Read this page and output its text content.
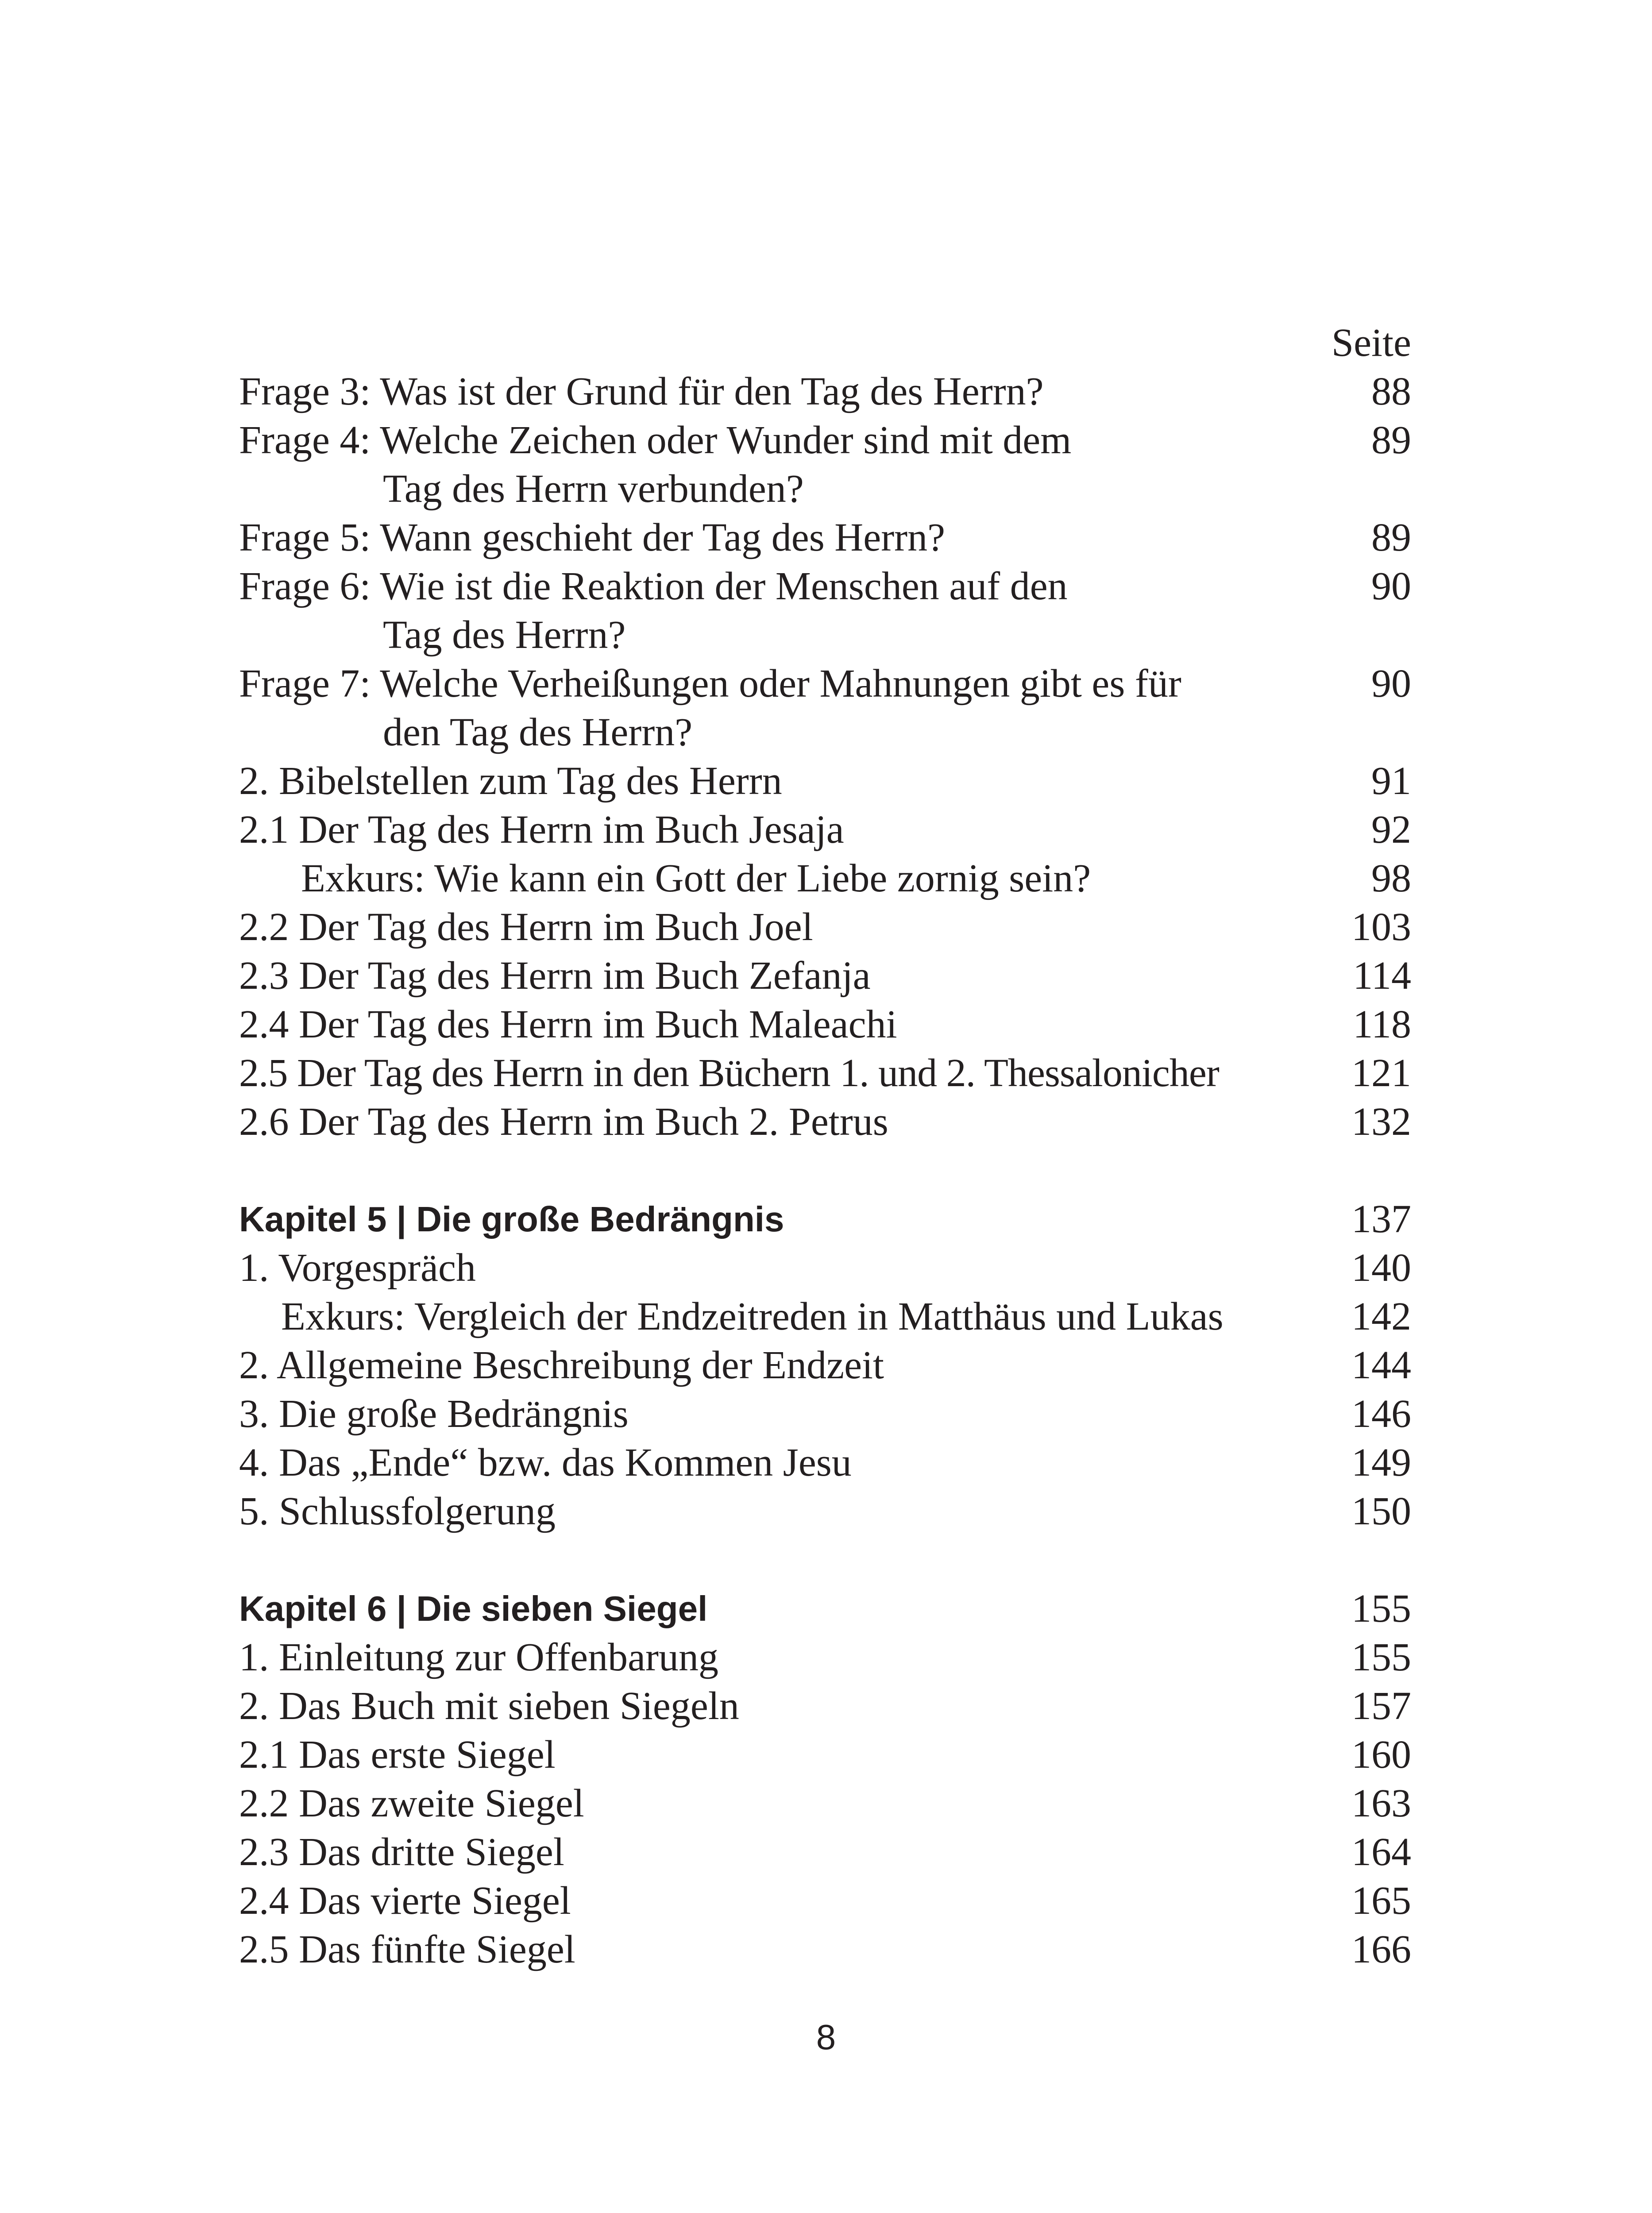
Seite
Frage 3: Was ist der Grund für den Tag des Herrn?	88
Frage 4: Welche Zeichen oder Wunder sind mit dem	89
Tag des Herrn verbunden?
Frage 5: Wann geschieht der Tag des Herrn?	89
Frage 6: Wie ist die Reaktion der Menschen auf den	90
Tag des Herrn?
Frage 7: Welche Verheißungen oder Mahnungen gibt es für	90
den Tag des Herrn?
2. Bibelstellen zum Tag des Herrn	91
2.1 Der Tag des Herrn im Buch Jesaja	92
Exkurs: Wie kann ein Gott der Liebe zornig sein?	98
2.2 Der Tag des Herrn im Buch Joel	103
2.3 Der Tag des Herrn im Buch Zefanja	114
2.4 Der Tag des Herrn im Buch Maleachi	118
2.5 Der Tag des Herrn in den Büchern 1. und 2. Thessalonicher	121
2.6 Der Tag des Herrn im Buch 2. Petrus	132
Kapitel 5 | Die große Bedrängnis	137
1. Vorgespräch	140
Exkurs: Vergleich der Endzeitreden in Matthäus und Lukas	142
2. Allgemeine Beschreibung der Endzeit	144
3. Die große Bedrängnis	146
4. Das „Ende“ bzw. das Kommen Jesu	149
5. Schlussfolgerung	150
Kapitel 6 | Die sieben Siegel	155
1. Einleitung zur Offenbarung	155
2. Das Buch mit sieben Siegeln	157
2.1 Das erste Siegel	160
2.2 Das zweite Siegel	163
2.3 Das dritte Siegel	164
2.4 Das vierte Siegel	165
2.5 Das fünfte Siegel	166
8
